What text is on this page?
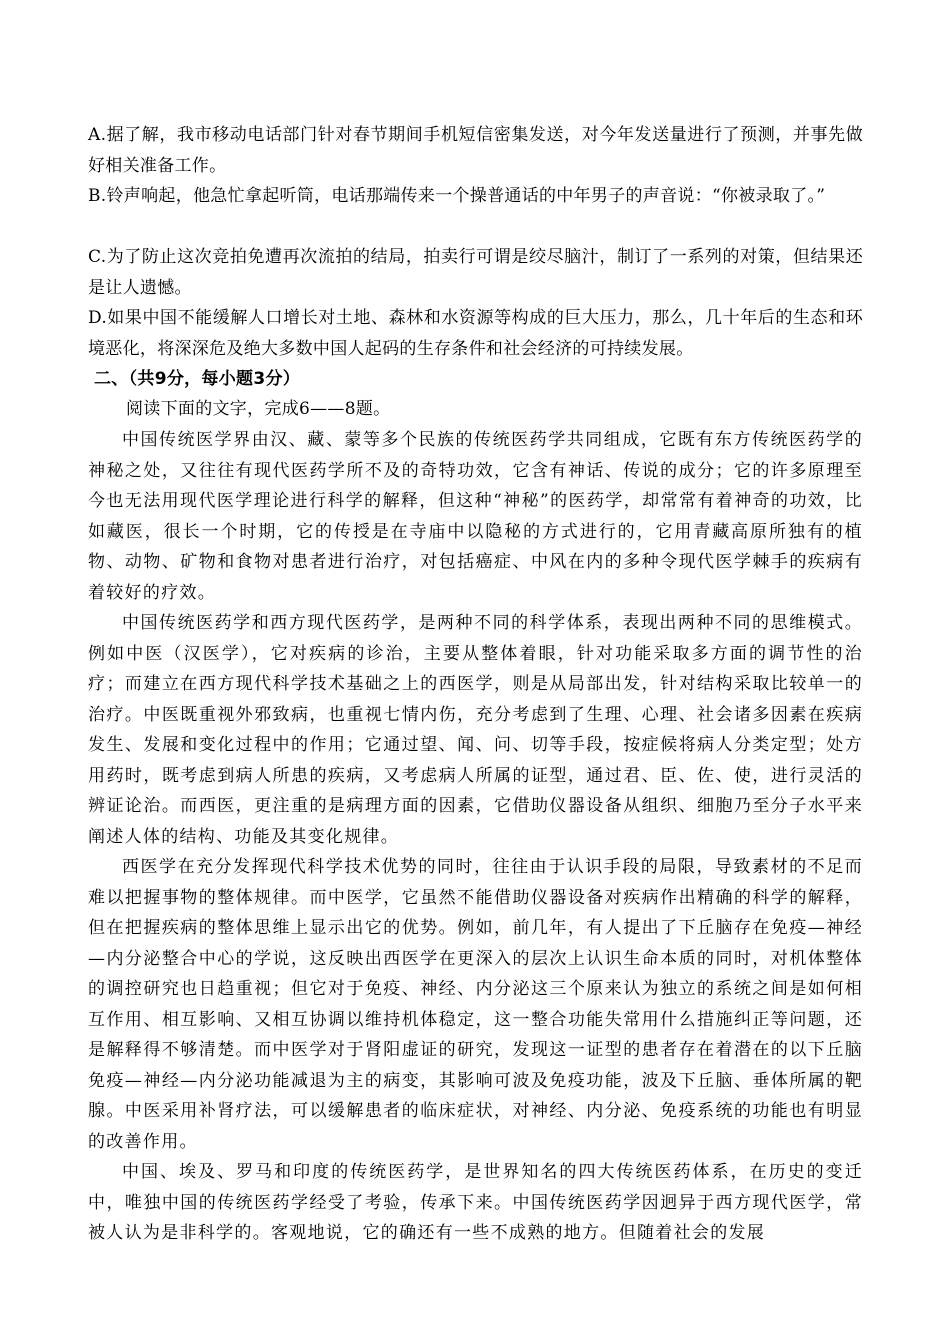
A.据了解，我市移动电话部门针对春节期间手机短信密集发送，对今年发送量进行了预测，并事先做好相关准备工作。

B.铃声响起，他急忙拿起听筒，电话那端传来一个操普通话的中年男子的声音说：“你被录取了。”

C.为了防止这次竞拍免遭再次流拍的结局，拍卖行可谓是绞尽脑汁，制订了一系列的对策，但结果还是让人遗憾。

D.如果中国不能缓解人口增长对土地、森林和水资源等构成的巨大压力，那么，几十年后的生态和环境恶化，将深深危及绝大多数中国人起码的生存条件和社会经济的可持续发展。

二、（共9分，每小题3分）

阅读下面的文字，完成6——8题。

中国传统医学界由汉、藏、蒙等多个民族的传统医药学共同组成，它既有东方传统医药学的神秘之处，又往往有现代医药学所不及的奇特功效，它含有神话、传说的成分；它的许多原理至今也无法用现代医学理论进行科学的解释，但这种“神秘”的医药学，却常常有着神奇的功效，比如藏医，很长一个时期，它的传授是在寺庙中以隐秘的方式进行的，它用青藏高原所独有的植物、动物、矿物和食物对患者进行治疗，对包括癌症、中风在内的多种令现代医学棘手的疾病有着较好的疗效。

中国传统医药学和西方现代医药学，是两种不同的科学体系，表现出两种不同的思维模式。例如中医（汉医学），它对疾病的诊治，主要从整体着眼，针对功能采取多方面的调节性的治疗；而建立在西方现代科学技术基础之上的西医学，则是从局部出发，针对结构采取比较单一的治疗。中医既重视外邪致病，也重视七情内伤，充分考虑到了生理、心理、社会诸多因素在疾病发生、发展和变化过程中的作用；它通过望、闻、问、切等手段，按症候将病人分类定型；处方用药时，既考虑到病人所患的疾病，又考虑病人所属的证型，通过君、臣、佐、使，进行灵活的辨证论治。而西医，更注重的是病理方面的因素，它借助仪器设备从组织、细胞乃至分子水平来阐述人体的结构、功能及其变化规律。

西医学在充分发挥现代科学技术优势的同时，往往由于认识手段的局限，导致素材的不足而难以把握事物的整体规律。而中医学，它虽然不能借助仪器设备对疾病作出精确的科学的解释，但在把握疾病的整体思维上显示出它的优势。例如，前几年，有人提出了下丘脑存在免疫—神经—内分泌整合中心的学说，这反映出西医学在更深入的层次上认识生命本质的同时，对机体整体的调控研究也日趋重视；但它对于免疫、神经、内分泌这三个原来认为独立的系统之间是如何相互作用、相互影响、又相互协调以维持机体稳定，这一整合功能失常用什么措施纠正等问题，还是解释得不够清楚。而中医学对于肾阳虚证的研究，发现这一证型的患者存在着潜在的以下丘脑免疫—神经—内分泌功能减退为主的病变，其影响可波及免疫功能，波及下丘脑、垂体所属的靶腺。中医采用补肾疗法，可以缓解患者的临床症状，对神经、内分泌、免疫系统的功能也有明显的改善作用。

中国、埃及、罗马和印度的传统医药学，是世界知名的四大传统医药体系，在历史的变迁中，唯独中国的传统医药学经受了考验，传承下来。中国传统医药学因迥异于西方现代医学，常被人认为是非科学的。客观地说，它的确还有一些不成熟的地方。但随着社会的发展
